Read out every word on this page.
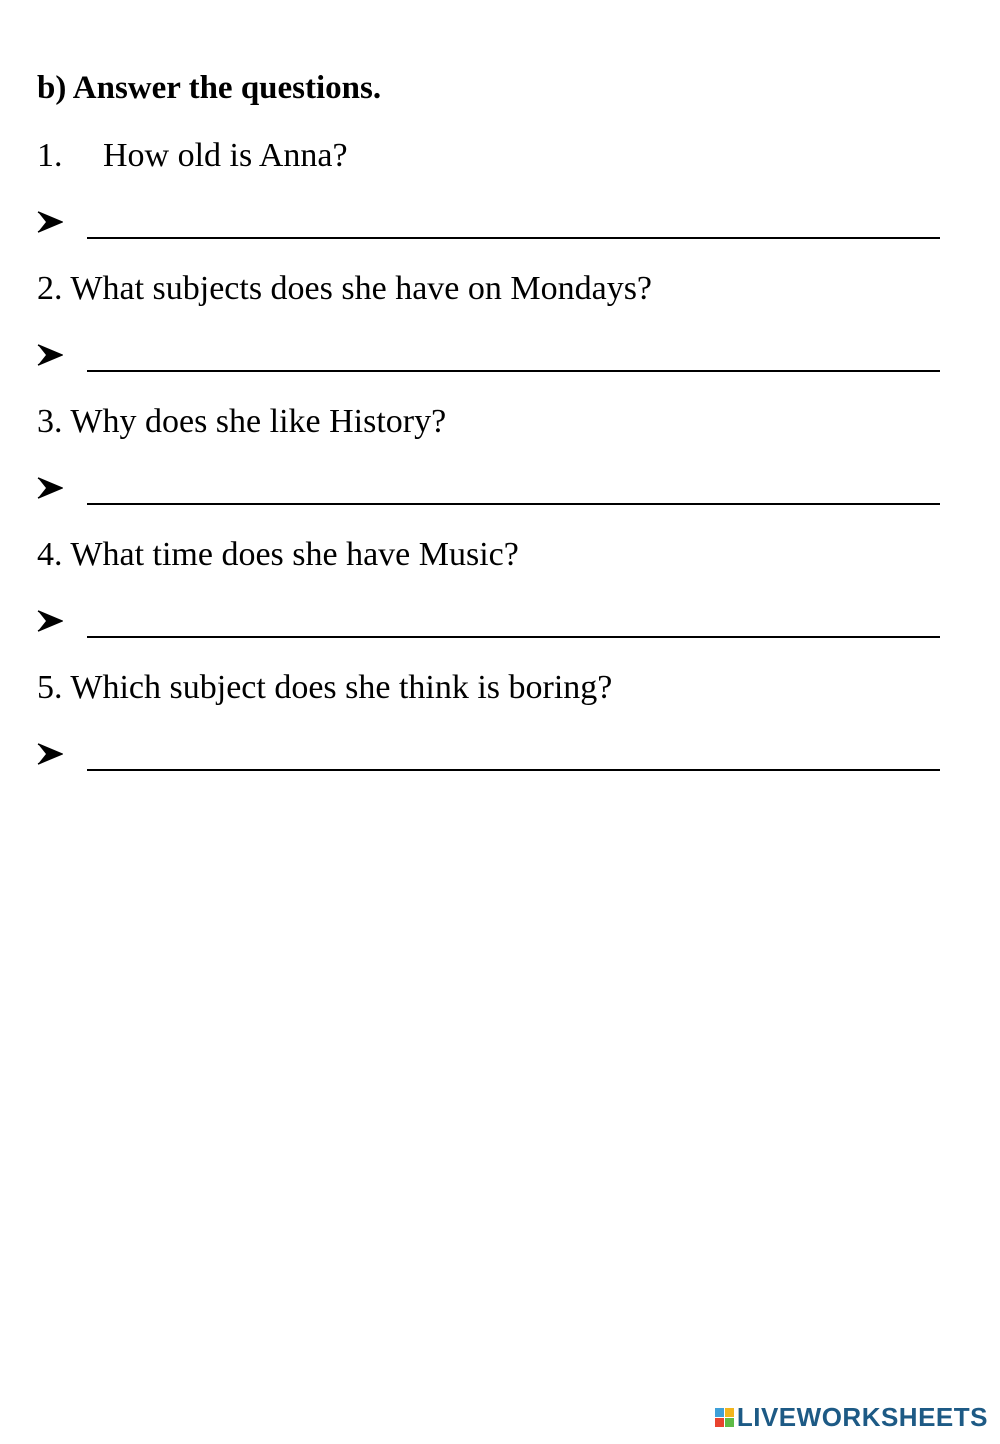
b) Answer the questions.
1. How old is Anna?
2. What subjects does she have on Mondays?
3. Why does she like History?
4. What time does she have Music?
5. Which subject does she think is boring?
LIVEWORKSHEETS
